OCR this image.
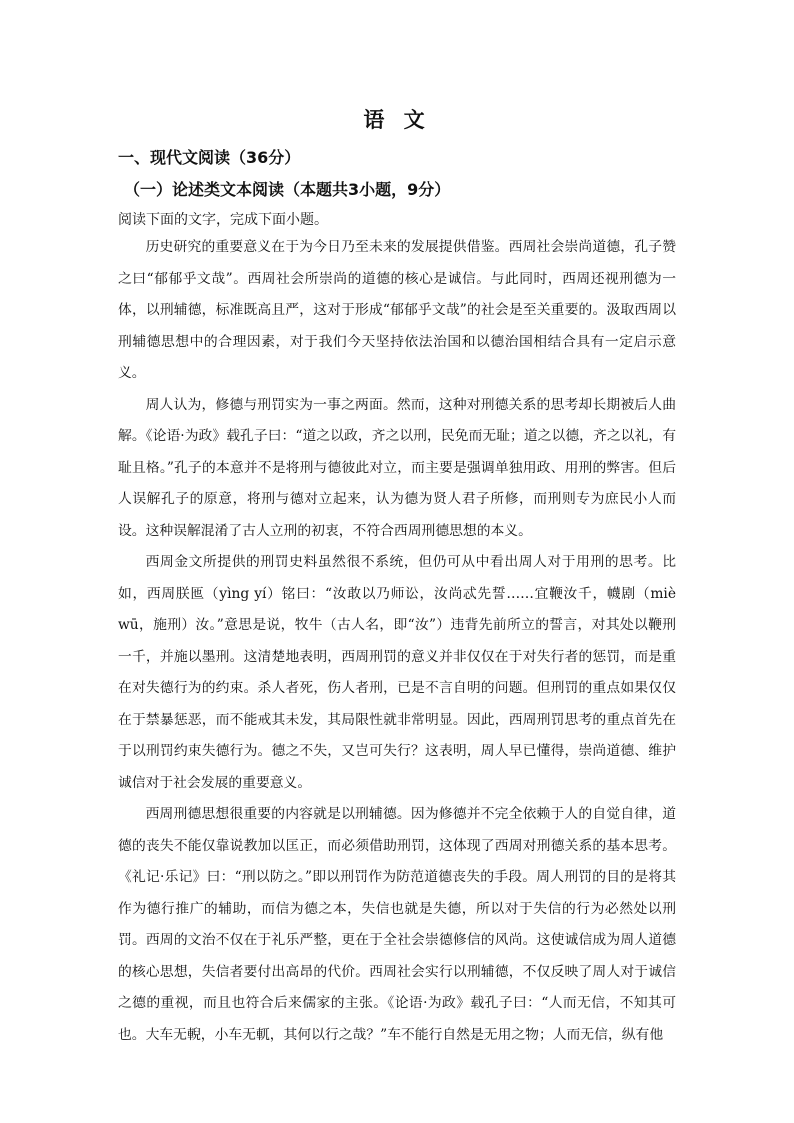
语 文
一、现代文阅读（36分）
（一）论述类文本阅读（本题共3小题，9分）
阅读下面的文字，完成下面小题。

历史研究的重要意义在于为今日乃至未来的发展提供借鉴。西周社会崇尚道德，孔子赞之曰“郁郁乎文哉”。西周社会所崇尚的道德的核心是诚信。与此同时，西周还视刑德为一体，以刑辅德，标准既高且严，这对于形成“郁郁乎文哉”的社会是至关重要的。汲取西周以刑辅德思想中的合理因素，对于我们今天坚持依法治国和以德治国相结合具有一定启示意义。

周人认为，修德与刑罚实为一事之两面。然而，这种对刑德关系的思考却长期被后人曲解。《论语·为政》载孔子曰：“道之以政，齐之以刑，民免而无耻；道之以德，齐之以礼，有耻且格。”孔子的本意并不是将刑与德彼此对立，而主要是强调单独用政、用刑的弊害。但后人误解孔子的原意，将刑与德对立起来，认为德为贤人君子所修，而刑则专为庶民小人而设。这种误解混淆了古人立刑的初衷，不符合西周刑德思想的本义。

西周金文所提供的刑罚史料虽然很不系统，但仍可从中看出周人对于用刑的思考。比如，西周朕匜（yìng yí）铭曰：“汝敢以乃师讼，汝尚忒先誓……宜鞭汝千，幭剧（miè wū，施刑）汝。”意思是说，牧牛（古人名，即“汝”）违背先前所立的誓言，对其处以鞭刑一千，并施以墨刑。这清楚地表明，西周刑罚的意义并非仅仅在于对失行者的惩罚，而是重在对失德行为的约束。杀人者死，伤人者刑，已是不言自明的问题。但刑罚的重点如果仅仅在于禁暴惩恶，而不能戒其未发，其局限性就非常明显。因此，西周刑罚思考的重点首先在于以刑罚约束失德行为。德之不失，又岂可失行？这表明，周人早已懂得，崇尚道德、维护诚信对于社会发展的重要意义。

西周刑德思想很重要的内容就是以刑辅德。因为修德并不完全依赖于人的自觉自律，道德的丧失不能仅靠说教加以匡正，而必须借助刑罚，这体现了西周对刑德关系的基本思考。《礼记·乐记》曰：“刑以防之。”即以刑罚作为防范道德丧失的手段。周人刑罚的目的是将其作为德行推广的辅助，而信为德之本，失信也就是失德，所以对于失信的行为必然处以刑罚。西周的文治不仅在于礼乐严整，更在于全社会崇德修信的风尚。这使诚信成为周人道德的核心思想，失信者要付出高昂的代价。西周社会实行以刑辅德，不仅反映了周人对于诚信之德的重视，而且也符合后来儒家的主张。《论语·为政》载孔子曰：“人而无信，不知其可也。大车无輗，小车无軏，其何以行之哉？”车不能行自然是无用之物；人而无信，纵有他
